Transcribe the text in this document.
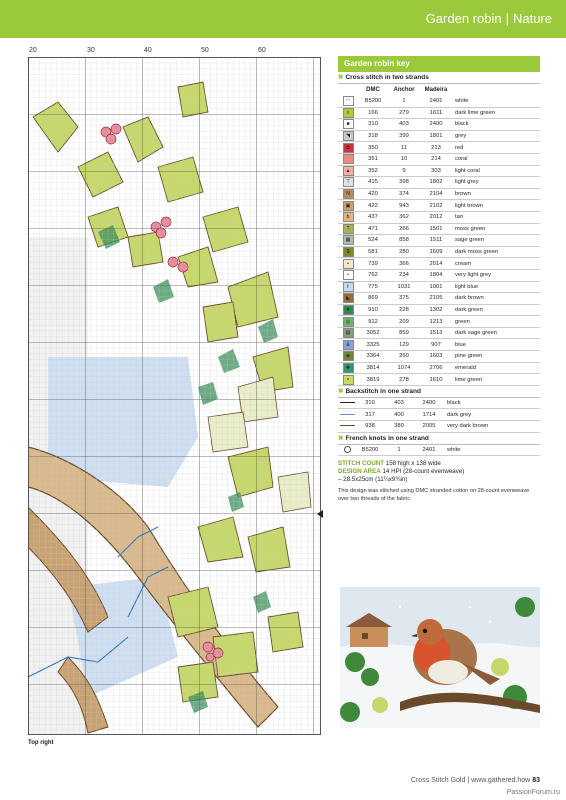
Garden robin | Nature
20	30	40	50	60
Top right
Garden robin key
✖ Cross stitch in two strands
	DMC	Anchor	Madeira	
◠	B5200	1	2401	white
◊	166	279	1611	dark lime green
■	310	403	2400	black
◥	318	399	1801	grey
✿	350	11	213	red
	351	10	214	coral
▲	352	9	303	light coral
⊤	415	398	1802	light grey
N	420	374	2104	brown
▣	422	943	2102	light brown
b	437	362	2012	tan
?	471	266	1501	moss green
▦	524	858	1511	sage green
$	581	280	1609	dark moss green
•	739	366	2014	cream
•	762	234	1804	very light grey
t	775	1031	1001	light blue
◣	869	375	2105	dark brown
▼	910	228	1302	dark green
◎	912	209	1213	green
▤	3052	859	1513	dark sage green
&	3325	129	907	blue
◈	3364	260	1603	pine green
✚	3814	1074	2706	emerald
×	3819	278	1610	lime green
✖ Backstitch in one strand
	310	403	2400	black
	317	400	1714	dark grey
	938	380	2005	very dark brown
✖ French knots in one strand
	B5200	1	2401	white
STITCH COUNT 158 high x 138 wide
DESIGN AREA 14 HPI (28-count evenweave)
– 28.5x25cm (11¼x9¾in)
This design was stitched using DMC stranded cotton on 28-count evenweave over two threads of the fabric
Cross Stitch Gold | www.gathered.how 83
PassionForum.ru
